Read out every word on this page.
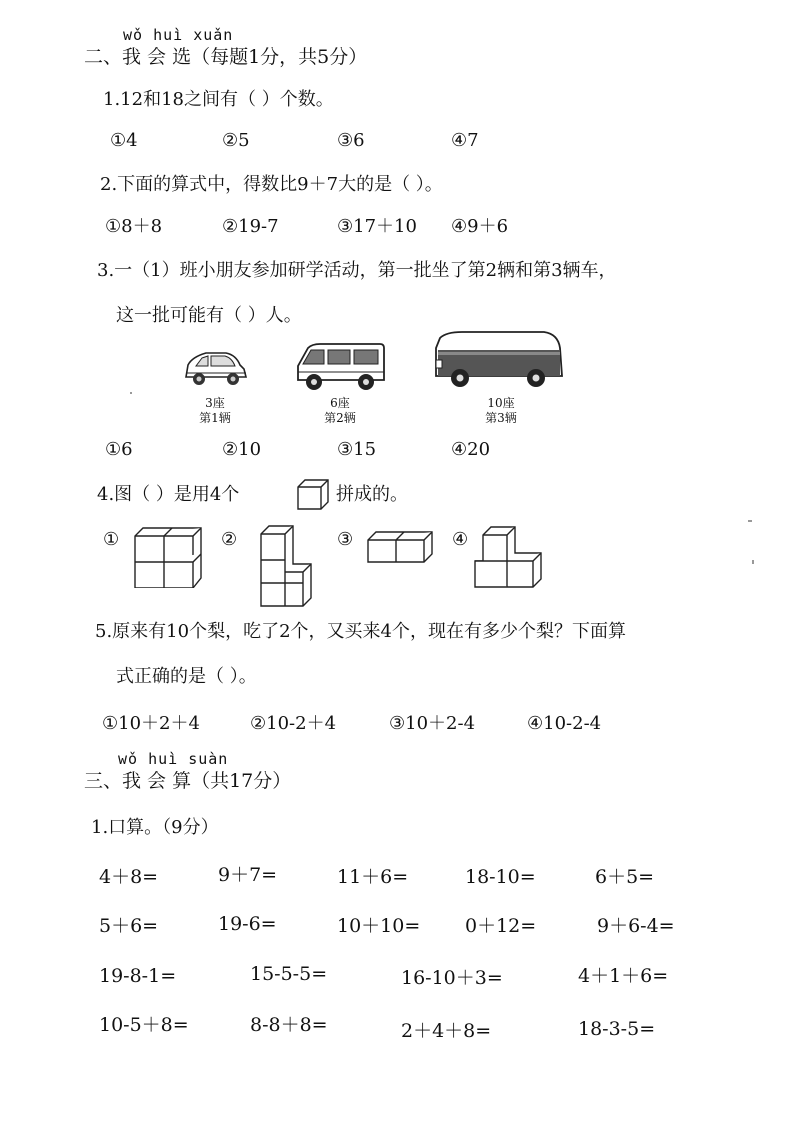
wǒ huì xuǎn
二、我 会 选（每题1分，共5分）
1.12和18之间有（ ）个数。
①4	②5	③6	④7
2.下面的算式中，得数比9＋7大的是（ ）。
①8＋8	②19-7	③17＋10 ④9＋6
3.一（1）班小朋友参加研学活动，第一批坐了第2辆和第3辆车，
这一批可能有（ ）人。
3座
第1辆
6座
第2辆
10座
第3辆
①6	②10	③15	④20
4.图（ ）是用4个	拼成的。
①	②	③	④
5.原来有10个梨，吃了2个，又买来4个，现在有多少个梨？下面算
式正确的是（ ）。
①10＋2＋4	②10-2＋4	③10＋2-4	④10-2-4
wǒ huì suàn
三、我 会 算（共17分）
1.口算。（9分）
4＋8=	9＋7=	11＋6=	18-10=	6＋5=
5＋6=	19-6=	10＋10= 0＋12=	9＋6-4=
19-8-1=	15-5-5=	16-10＋3=	4＋1＋6=
10-5＋8=	8-8＋8=	2＋4＋8=	18-3-5=
